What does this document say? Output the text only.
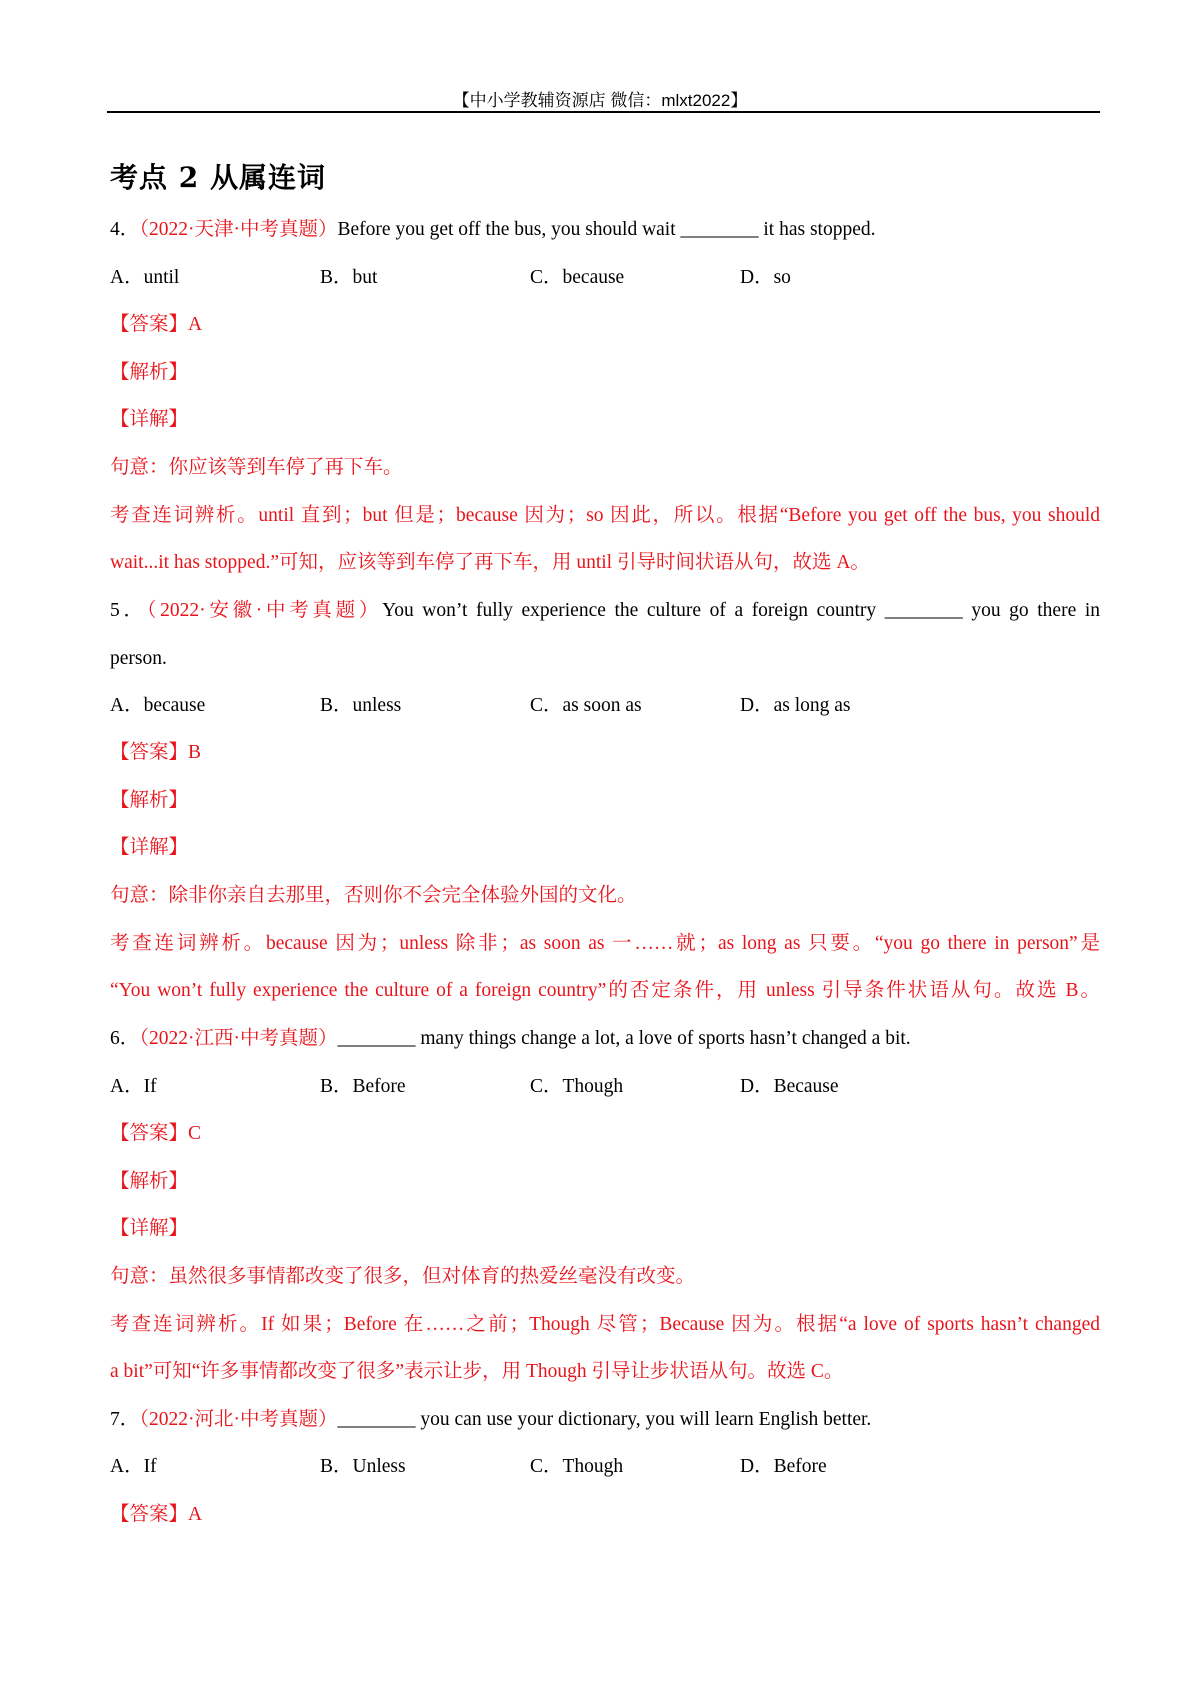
【中小学教辅资源店 微信：mlxt2022】
考点 2 从属连词
4．（2022·天津·中考真题）Before you get off the bus, you should wait ________ it has stopped.
A．until	B．but	C．because	D．so
【答案】A
【解析】
【详解】
句意：你应该等到车停了再下车。
考查连词辨析。until 直到；but 但是；because 因为；so 因此，所以。根据“Before you get off the bus, you should
wait...it has stopped.”可知，应该等到车停了再下车，用 until 引导时间状语从句，故选 A。
5．（2022·安徽·中考真题）You won’t fully experience the culture of a foreign country ________ you go there in
person.
A．because	B．unless	C．as soon as	D．as long as
【答案】B
【解析】
【详解】
句意：除非你亲自去那里，否则你不会完全体验外国的文化。
考查连词辨析。because 因为；unless 除非；as soon as 一……就；as long as 只要。“you go there in person”是
“You won’t fully experience the culture of a foreign country”的否定条件，用 unless 引导条件状语从句。故选 B。
6．（2022·江西·中考真题）________ many things change a lot, a love of sports hasn’t changed a bit.
A．If	B．Before	C．Though	D．Because
【答案】C
【解析】
【详解】
句意：虽然很多事情都改变了很多，但对体育的热爱丝毫没有改变。
考查连词辨析。If 如果；Before 在……之前；Though 尽管；Because 因为。根据“a love of sports hasn’t changed
a bit”可知“许多事情都改变了很多”表示让步，用 Though 引导让步状语从句。故选 C。
7．（2022·河北·中考真题）________ you can use your dictionary, you will learn English better.
A．If	B．Unless	C．Though	D．Before
【答案】A
